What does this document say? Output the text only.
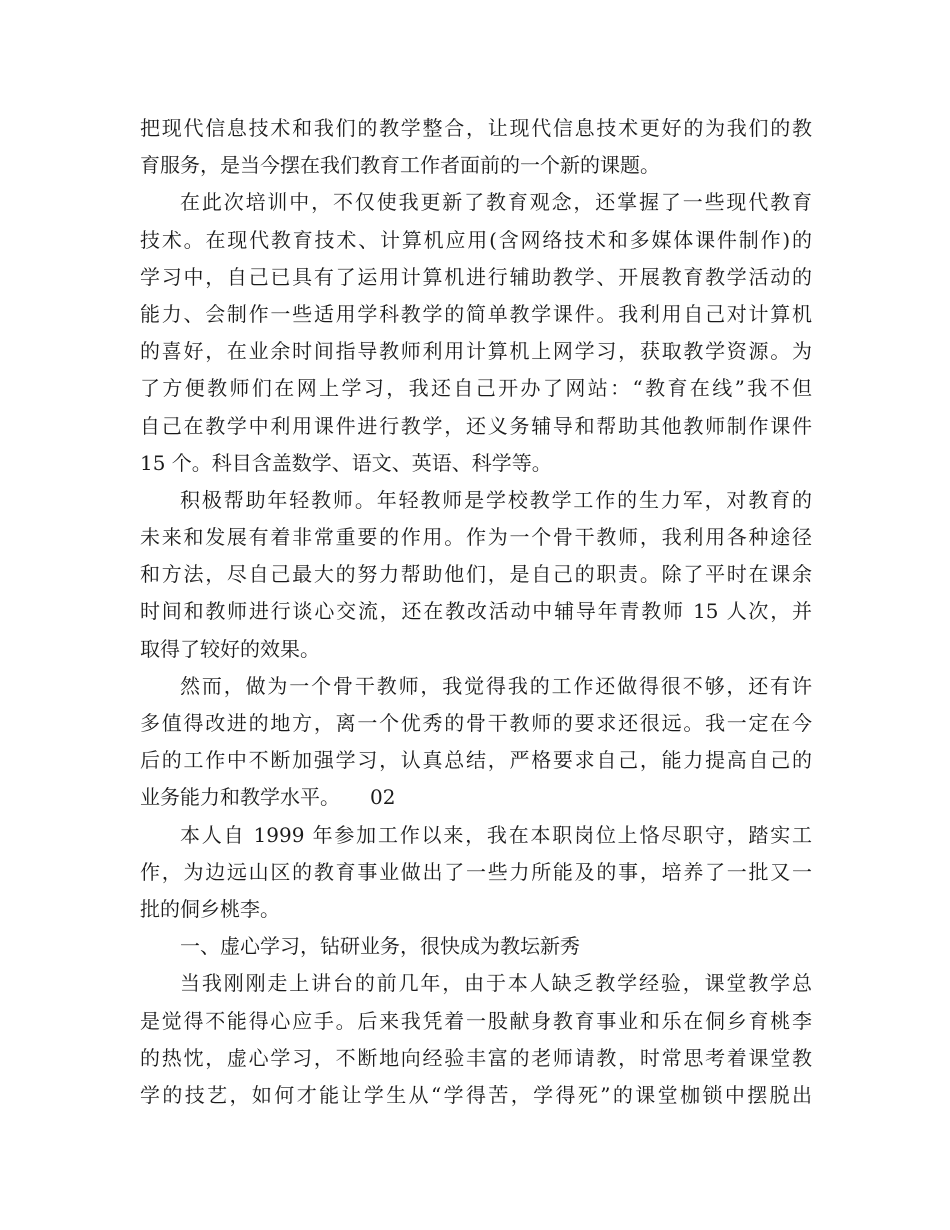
把现代信息技术和我们的教学整合，让现代信息技术更好的为我们的教
育服务，是当今摆在我们教育工作者面前的一个新的课题。
在此次培训中，不仅使我更新了教育观念，还掌握了一些现代教育
技术。在现代教育技术、计算机应用(含网络技术和多媒体课件制作)的
学习中，自己已具有了运用计算机进行辅助教学、开展教育教学活动的
能力、会制作一些适用学科教学的简单教学课件。我利用自己对计算机
的喜好，在业余时间指导教师利用计算机上网学习，获取教学资源。为
了方便教师们在网上学习，我还自己开办了网站：“教育在线”我不但
自己在教学中利用课件进行教学，还义务辅导和帮助其他教师制作课件
15 个。科目含盖数学、语文、英语、科学等。
积极帮助年轻教师。年轻教师是学校教学工作的生力军，对教育的
未来和发展有着非常重要的作用。作为一个骨干教师，我利用各种途径
和方法，尽自己最大的努力帮助他们，是自己的职责。除了平时在课余
时间和教师进行谈心交流，还在教改活动中辅导年青教师 15 人次，并
取得了较好的效果。
然而，做为一个骨干教师，我觉得我的工作还做得很不够，还有许
多值得改进的地方，离一个优秀的骨干教师的要求还很远。我一定在今
后的工作中不断加强学习，认真总结，严格要求自己，能力提高自己的
业务能力和教学水平。　　02
本人自 1999 年参加工作以来，我在本职岗位上恪尽职守，踏实工
作，为边远山区的教育事业做出了一些力所能及的事，培养了一批又一
批的侗乡桃李。
一、虚心学习，钻研业务，很快成为教坛新秀
当我刚刚走上讲台的前几年，由于本人缺乏教学经验，课堂教学总
是觉得不能得心应手。后来我凭着一股献身教育事业和乐在侗乡育桃李
的热忱，虚心学习，不断地向经验丰富的老师请教，时常思考着课堂教
学的技艺，如何才能让学生从“学得苦，学得死”的课堂枷锁中摆脱出
